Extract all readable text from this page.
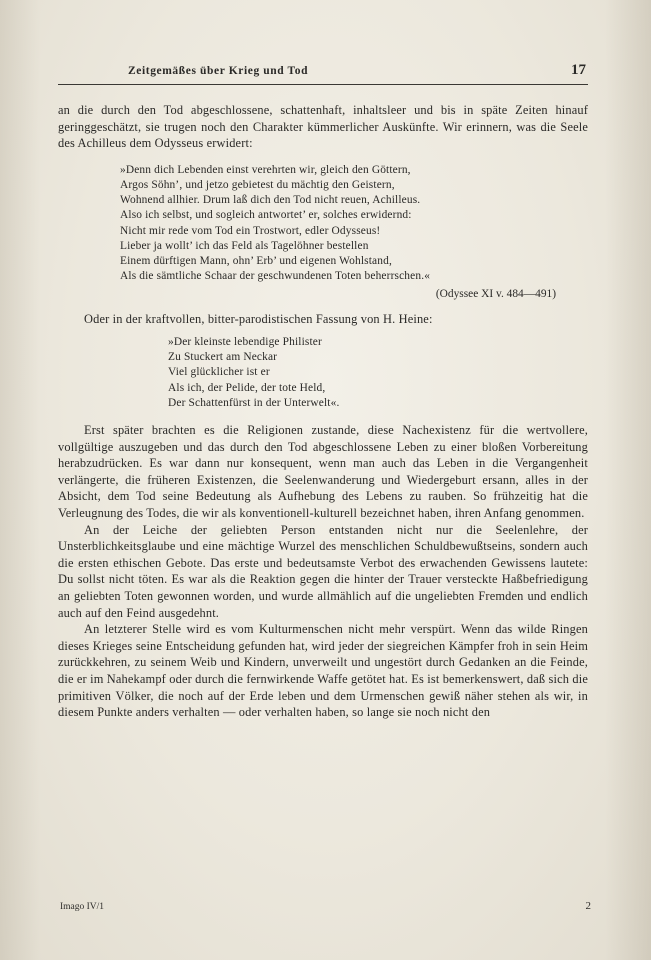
Zeitgemäßes über Krieg und Tod	17

an die durch den Tod abgeschlossene, schattenhaft, inhaltsleer und bis in späte Zeiten hinauf geringgeschätzt, sie trugen noch den Charakter kümmerlicher Auskünfte. Wir erinnern, was die Seele des Achilleus dem Odysseus erwidert:

»Denn dich Lebenden einst verehrten wir, gleich den Göttern,
Argos Söhn’, und jetzo gebietest du mächtig den Geistern,
Wohnend allhier. Drum laß dich den Tod nicht reuen, Achilleus.
Also ich selbst, und sogleich antwortet’ er, solches erwidernd:
Nicht mir rede vom Tod ein Trostwort, edler Odysseus!
Lieber ja wollt’ ich das Feld als Tagelöhner bestellen
Einem dürftigen Mann, ohn’ Erb’ und eigenen Wohlstand,
Als die sämtliche Schaar der geschwundenen Toten beherrschen.«
(Odyssee XI v. 484—491)

Oder in der kraftvollen, bitter-parodistischen Fassung von H. Heine:

»Der kleinste lebendige Philister
Zu Stuckert am Neckar
Viel glücklicher ist er
Als ich, der Pelide, der tote Held,
Der Schattenfürst in der Unterwelt«.

Erst später brachten es die Religionen zustande, diese Nachexistenz für die wertvollere, vollgültige auszugeben und das durch den Tod abgeschlossene Leben zu einer bloßen Vorbereitung herabzudrücken. Es war dann nur konsequent, wenn man auch das Leben in die Vergangenheit verlängerte, die früheren Existenzen, die Seelenwanderung und Wiedergeburt ersann, alles in der Absicht, dem Tod seine Bedeutung als Aufhebung des Lebens zu rauben. So frühzeitig hat die Verleugnung des Todes, die wir als konventionell-kulturell bezeichnet haben, ihren Anfang genommen.

An der Leiche der geliebten Person entstanden nicht nur die Seelenlehre, der Unsterblichkeitsglaube und eine mächtige Wurzel des menschlichen Schuldbewußtseins, sondern auch die ersten ethischen Gebote. Das erste und bedeutsamste Verbot des erwachenden Gewissens lautete: Du sollst nicht töten. Es war als die Reaktion gegen die hinter der Trauer versteckte Haßbefriedigung an geliebten Toten gewonnen worden, und wurde allmählich auf die ungeliebten Fremden und endlich auch auf den Feind ausgedehnt.

An letzterer Stelle wird es vom Kulturmenschen nicht mehr verspürt. Wenn das wilde Ringen dieses Krieges seine Entscheidung gefunden hat, wird jeder der siegreichen Kämpfer froh in sein Heim zurückkehren, zu seinem Weib und Kindern, unverweilt und ungestört durch Gedanken an die Feinde, die er im Nahekampf oder durch die fernwirkende Waffe getötet hat. Es ist bemerkenswert, daß sich die primitiven Völker, die noch auf der Erde leben und dem Urmenschen gewiß näher stehen als wir, in diesem Punkte anders verhalten — oder verhalten haben, so lange sie noch nicht den

Imago IV/1	2
